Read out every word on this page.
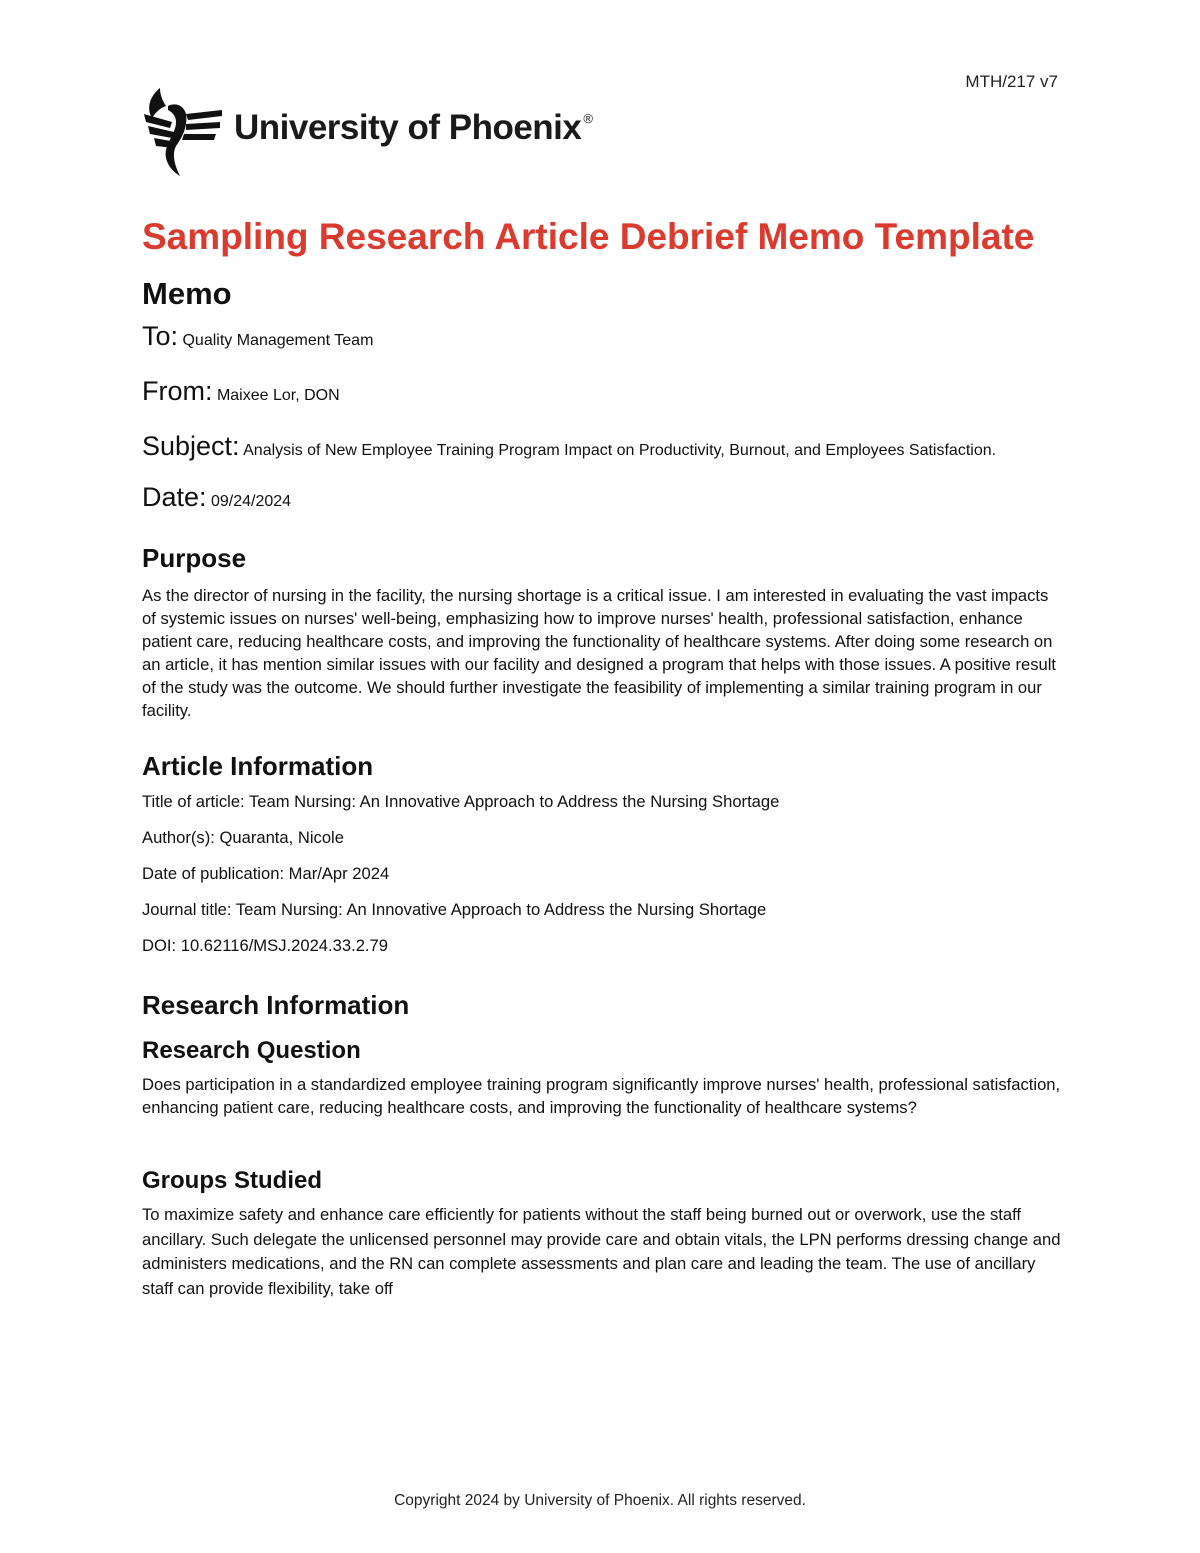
MTH/217 v7
University of Phoenix ®
Sampling Research Article Debrief Memo Template
Memo

To: Quality Management Team

From: Maixee Lor, DON

Subject: Analysis of New Employee Training Program Impact on Productivity, Burnout, and Employees Satisfaction.

Date: 09/24/2024

Purpose

As the director of nursing in the facility, the nursing shortage is a critical issue. I am interested in evaluating the vast impacts of systemic issues on nurses' well-being, emphasizing how to improve nurses' health, professional satisfaction, enhance patient care, reducing healthcare costs, and improving the functionality of healthcare systems. After doing some research on an article, it has mention similar issues with our facility and designed a program that helps with those issues. A positive result of the study was the outcome. We should further investigate the feasibility of implementing a similar training program in our facility.

Article Information

Title of article: Team Nursing: An Innovative Approach to Address the Nursing Shortage

Author(s): Quaranta, Nicole

Date of publication: Mar/Apr 2024

Journal title: Team Nursing: An Innovative Approach to Address the Nursing Shortage

DOI: 10.62116/MSJ.2024.33.2.79

Research Information
Research Question

Does participation in a standardized employee training program significantly improve nurses' health, professional satisfaction, enhancing patient care, reducing healthcare costs, and improving the functionality of healthcare systems?

Groups Studied

To maximize safety and enhance care efficiently for patients without the staff being burned out or overwork, use the staff ancillary. Such delegate the unlicensed personnel may provide care and obtain vitals, the LPN performs dressing change and administers medications, and the RN can complete assessments and plan care and leading the team. The use of ancillary staff can provide flexibility, take off

Copyright 2024 by University of Phoenix. All rights reserved.
